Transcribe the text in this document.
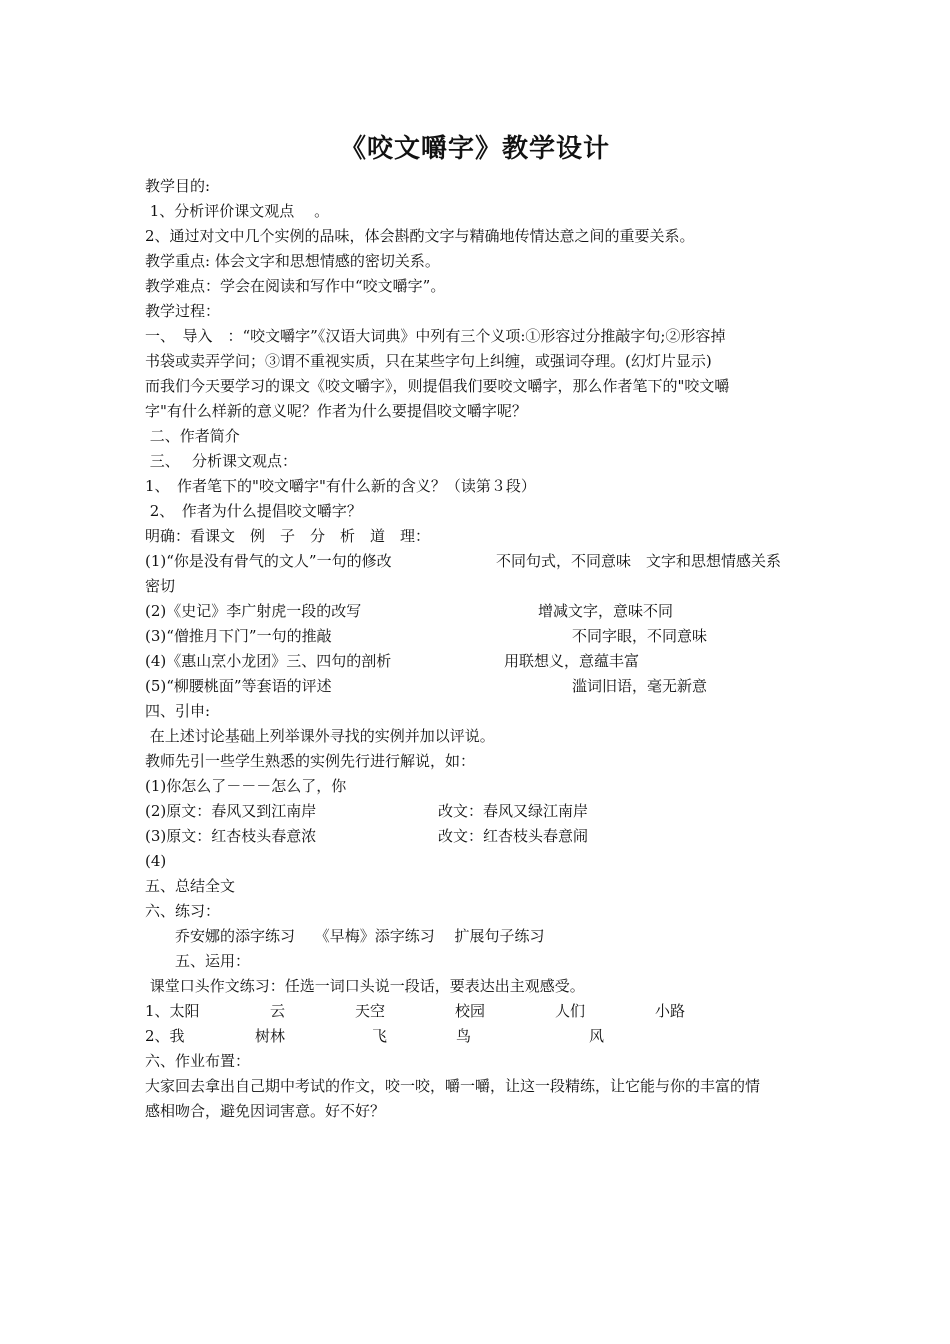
《咬文嚼字》教学设计
教学目的:
1、分析评价课文观点　 。
2、通过对文中几个实例的品味，体会斟酌文字与精确地传情达意之间的重要关系。
教学重点: 体会文字和思想情感的密切关系。
教学难点：学会在阅读和写作中“咬文嚼字”。
教学过程：
一、　导入　：“咬文嚼字”《汉语大词典》中列有三个义项:①形容过分推敲字句;②形容掉
书袋或卖弄学问；③谓不重视实质，只在某些字句上纠缠，或强词夺理。(幻灯片显示)
而我们今天要学习的课文《咬文嚼字》，则提倡我们要咬文嚼字，那么作者笔下的"咬文嚼
字"有什么样新的意义呢？作者为什么要提倡咬文嚼字呢？
二、作者简介
三、　 分析课文观点：
1、　作者笔下的"咬文嚼字"有什么新的含义？（读第３段）
2、　作者为什么提倡咬文嚼字？
明确：看课文　例　子　分　析　道　理：
(1)“你是没有骨气的文人”一句的修改	不同句式，不同意味　文字和思想情感关系
密切
(2)《史记》李广射虎一段的改写	增减文字，意味不同
(3)“僧推月下门”一句的推敲	不同字眼，不同意味
(4)《惠山烹小龙团》三、四句的剖析	用联想义，意蕴丰富
(5)“柳腰桃面”等套语的评述	滥词旧语，毫无新意
四、引申:
在上述讨论基础上列举课外寻找的实例并加以评说。
教师先引一些学生熟悉的实例先行进行解说，如：
(1)你怎么了－－－怎么了，你
(2)原文：春风又到江南岸	改文：春风又绿江南岸
(3)原文：红杏枝头春意浓	改文：红杏枝头春意闹
(4)
五、总结全文
六、练习：
　　乔安娜的添字练习　 《早梅》添字练习　 扩展句子练习
　　五、运用：
课堂口头作文练习：任选一词口头说一段话，要表达出主观感受。
1、太阳	云	天空	校园	人们	小路
2、我	树林	飞	鸟	风
六、作业布置：
大家回去拿出自己期中考试的作文，咬一咬，嚼一嚼，让这一段精练，让它能与你的丰富的情
感相吻合，避免因词害意。好不好？
